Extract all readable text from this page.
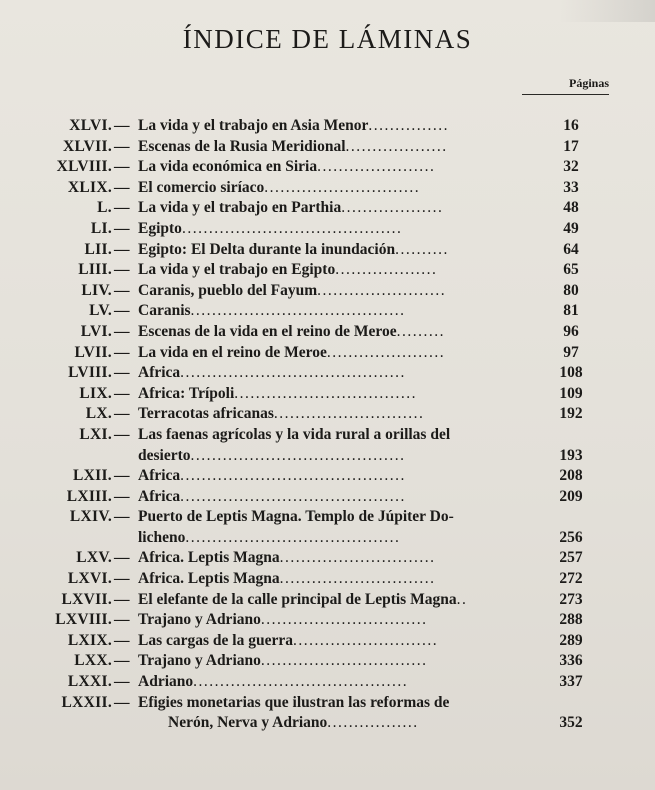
ÍNDICE DE LÁMINAS
Páginas
XLVI. — La vida y el trabajo en Asia Menor...............	16
XLVII. — Escenas de la Rusia Meridional...................	17
XLVIII. — La vida económica en Siria......................	32
XLIX. — El comercio siríaco.............................	33
L. — La vida y el trabajo en Parthia...................	48
LI. — Egipto.........................................	49
LII. — Egipto: El Delta durante la inundación..........	64
LIII. — La vida y el trabajo en Egipto...................	65
LIV. — Caranis, pueblo del Fayum........................	80
LV. — Caranis........................................	81
LVI. — Escenas de la vida en el reino de Meroe.........	96
LVII. — La vida en el reino de Meroe......................	97
LVIII. — Africa..........................................	108
LIX. — Africa: Trípoli..................................	109
LX. — Terracotas africanas............................	192
LXI. — Las faenas agrícolas y la vida rural a orillas del
desierto........................................	193
LXII. — Africa..........................................	208
LXIII. — Africa..........................................	209
LXIV. — Puerto de Leptis Magna. Templo de Júpiter Do-
licheno........................................	256
LXV. — Africa. Leptis Magna.............................	257
LXVI. — Africa. Leptis Magna.............................	272
LXVII. — El elefante de la calle principal de Leptis Magna..	273
LXVIII. — Trajano y Adriano...............................	288
LXIX. — Las cargas de la guerra...........................	289
LXX. — Trajano y Adriano...............................	336
LXXI. — Adriano........................................	337
LXXII. — Efigies monetarias que ilustran las reformas de
Nerón, Nerva y Adriano.................	352
